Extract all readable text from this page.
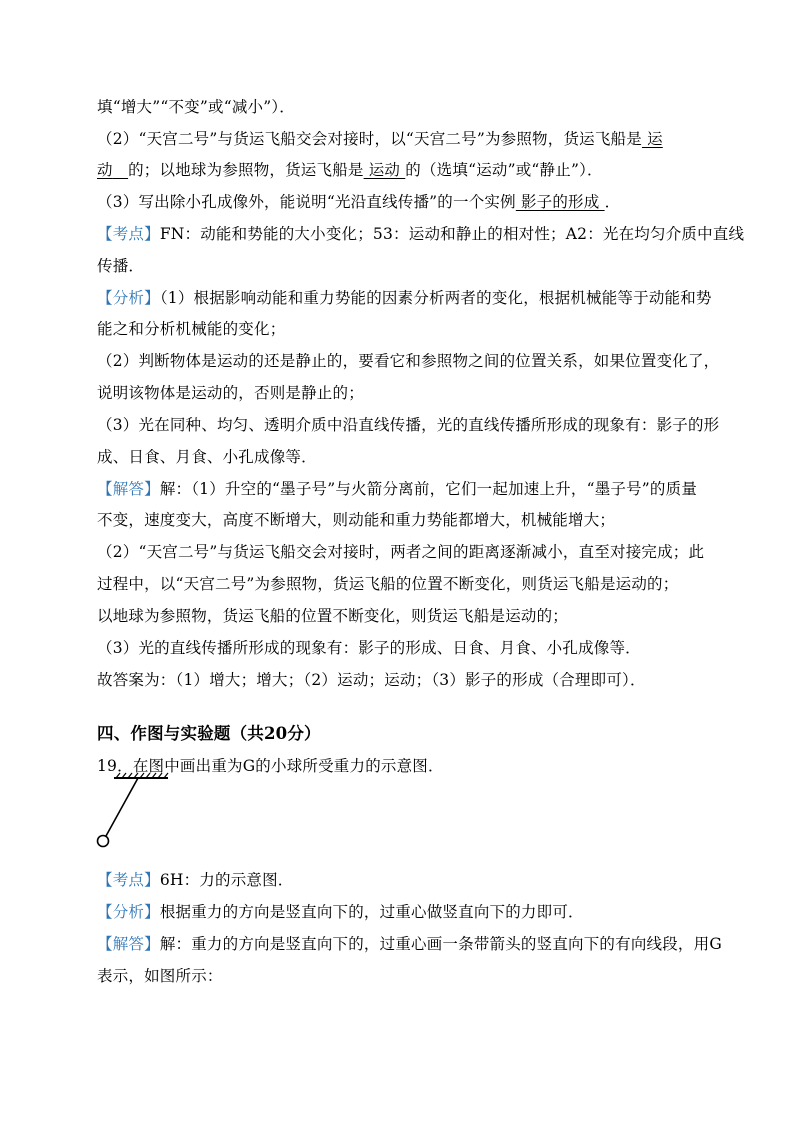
填“增大”“不变”或“减小”）．
（2）“天宫二号”与货运飞船交会对接时，以“天宫二号”为参照物，货运飞船是 运
动 的；以地球为参照物，货运飞船是 运动 的（选填“运动”或“静止”）．
（3）写出除小孔成像外，能说明“光沿直线传播”的一个实例 影子的形成 ．
【考点】FN：动能和势能的大小变化；53：运动和静止的相对性；A2：光在均匀介质中直线
传播．
【分析】（1）根据影响动能和重力势能的因素分析两者的变化，根据机械能等于动能和势
能之和分析机械能的变化；
（2）判断物体是运动的还是静止的，要看它和参照物之间的位置关系，如果位置变化了，
说明该物体是运动的，否则是静止的；
（3）光在同种、均匀、透明介质中沿直线传播，光的直线传播所形成的现象有：影子的形
成、日食、月食、小孔成像等．
【解答】解：（1）升空的“墨子号”与火箭分离前，它们一起加速上升，“墨子号”的质量
不变，速度变大，高度不断增大，则动能和重力势能都增大，机械能增大；
（2）“天宫二号”与货运飞船交会对接时，两者之间的距离逐渐减小，直至对接完成；此
过程中，以“天宫二号”为参照物，货运飞船的位置不断变化，则货运飞船是运动的；
以地球为参照物，货运飞船的位置不断变化，则货运飞船是运动的；
（3）光的直线传播所形成的现象有：影子的形成、日食、月食、小孔成像等．
故答案为：（1）增大；增大；（2）运动；运动；（3）影子的形成（合理即可）．
四、作图与实验题（共20分）
19．在图中画出重为G的小球所受重力的示意图．
【考点】6H：力的示意图．
【分析】根据重力的方向是竖直向下的，过重心做竖直向下的力即可．
【解答】解：重力的方向是竖直向下的，过重心画一条带箭头的竖直向下的有向线段，用G
表示，如图所示：
